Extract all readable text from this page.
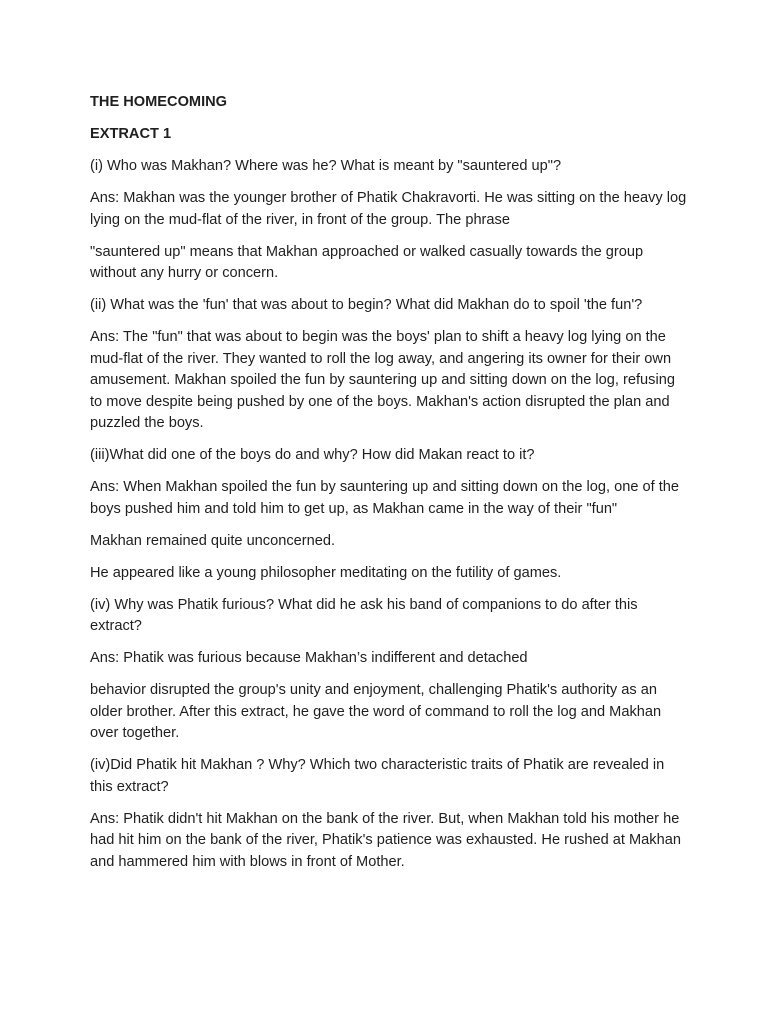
THE HOMECOMING

EXTRACT 1

(i) Who was Makhan? Where was he? What is meant by "sauntered up"?

Ans: Makhan was the younger brother of Phatik Chakravorti. He was sitting on the heavy log lying on the mud-flat of the river, in front of the group. The phrase

"sauntered up" means that Makhan approached or walked casually towards the group without any hurry or concern.

(ii) What was the 'fun' that was about to begin? What did Makhan do to spoil 'the fun'?

Ans: The "fun" that was about to begin was the boys' plan to shift a heavy log lying on the mud-flat of the river. They wanted to roll the log away, and angering its owner for their own amusement. Makhan spoiled the fun by sauntering up and sitting down on the log, refusing to move despite being pushed by one of the boys. Makhan's action disrupted the plan and puzzled the boys.

(iii)What did one of the boys do and why? How did Makan react to it?

Ans: When Makhan spoiled the fun by sauntering up and sitting down on the log, one of the boys pushed him and told him to get up, as Makhan came in the way of their "fun"

Makhan remained quite unconcerned.

He appeared like a young philosopher meditating on the futility of games.

(iv) Why was Phatik furious? What did he ask his band of companions to do after this extract?

Ans: Phatik was furious because Makhan’s indifferent and detached

behavior disrupted the group's unity and enjoyment, challenging Phatik's authority as an older brother. After this extract, he gave the word of command to roll the log and Makhan over together.

(iv)Did Phatik hit Makhan ? Why? Which two characteristic traits of Phatik are revealed in this extract?

Ans: Phatik didn't hit Makhan on the bank of the river. But, when Makhan told his mother he had hit him on the bank of the river, Phatik's patience was exhausted. He rushed at Makhan and hammered him with blows in front of Mother.
